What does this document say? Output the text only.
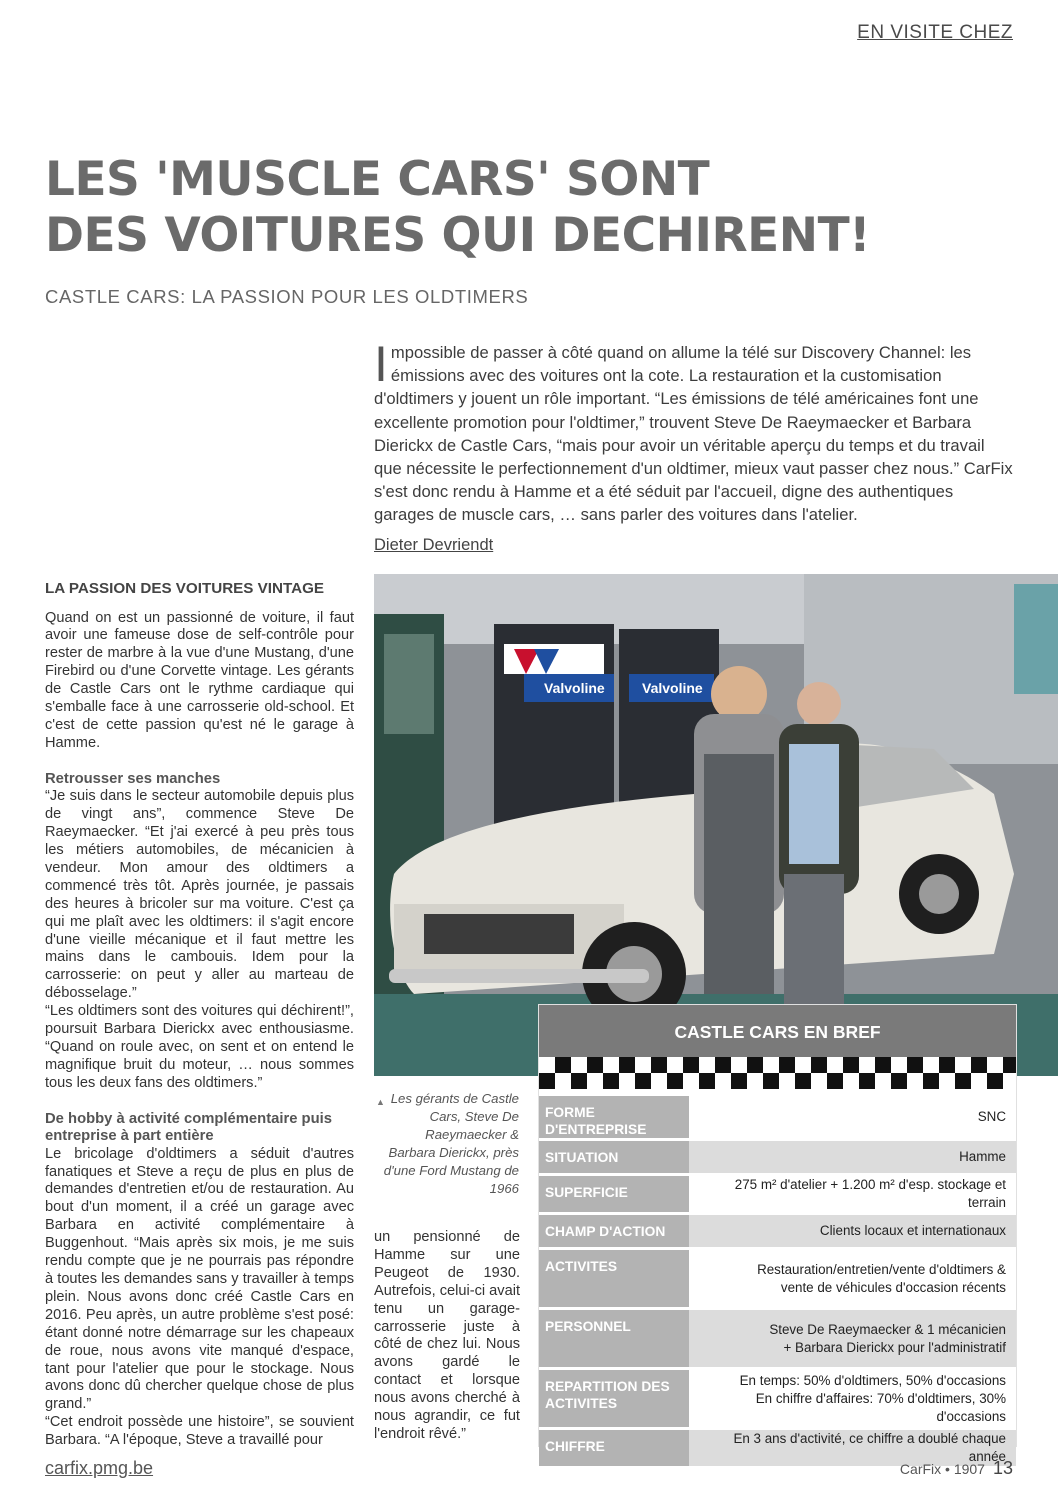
EN VISITE CHEZ
LES 'MUSCLE CARS' SONT
DES VOITURES QUI DECHIRENT!
CASTLE CARS: LA PASSION POUR LES OLDTIMERS
Impossible de passer à côté quand on allume la télé sur Discovery Channel: les émissions avec des voitures ont la cote. La restauration et la customisation d'oldtimers y jouent un rôle important. “Les émissions de télé américaines font une excellente promotion pour l'oldtimer,” trouvent Steve De Raeymaecker et Barbara Dierickx de Castle Cars, “mais pour avoir un véritable aperçu du temps et du travail que nécessite le perfectionnement d'un oldtimer, mieux vaut passer chez nous.” CarFix s'est donc rendu à Hamme et a été séduit par l'accueil, digne des authentiques garages de muscle cars, … sans parler des voitures dans l'atelier.
Dieter Devriendt
LA PASSION DES VOITURES VINTAGE

Quand on est un passionné de voiture, il faut avoir une fameuse dose de self-contrôle pour rester de marbre à la vue d'une Mustang, d'une Firebird ou d'une Corvette vintage. Les gérants de Castle Cars ont le rythme cardiaque qui s'emballe face à une carrosserie old-school. Et c'est de cette passion qu'est né le garage à Hamme.

Retrousser ses manches

“Je suis dans le secteur automobile depuis plus de vingt ans”, commence Steve De Raeymaecker. “Et j'ai exercé à peu près tous les métiers automobiles, de mécanicien à vendeur. Mon amour des oldtimers a commencé très tôt. Après journée, je passais des heures à bricoler sur ma voiture. C'est ça qui me plaît avec les oldtimers: il s'agit encore d'une vieille mécanique et il faut mettre les mains dans le cambouis. Idem pour la carrosserie: on peut y aller au marteau de débosselage.”

“Les oldtimers sont des voitures qui déchirent!”, poursuit Barbara Dierickx avec enthousiasme. “Quand on roule avec, on sent et on entend le magnifique bruit du moteur, … nous sommes tous les deux fans des oldtimers.”

De hobby à activité complémentaire puis entreprise à part entière

Le bricolage d'oldtimers a séduit d'autres fanatiques et Steve a reçu de plus en plus de demandes d'entretien et/ou de restauration. Au bout d'un moment, il a créé un garage avec Barbara en activité complémentaire à Buggenhout. “Mais après six mois, je me suis rendu compte que je ne pourrais pas répondre à toutes les demandes sans y travailler à temps plein. Nous avons donc créé Castle Cars en 2016. Peu après, un autre problème s'est posé: étant donné notre démarrage sur les chapeaux de roue, nous avons vite manqué d'espace, tant pour l'atelier que pour le stockage. Nous avons donc dû chercher quelque chose de plus grand.”

“Cet endroit possède une histoire”, se souvient Barbara. “A l'époque, Steve a travaillé pour

un pensionné de Hamme sur une Peugeot de 1930. Autrefois, celui-ci avait tenu un garage-carrosserie juste à côté de chez lui. Nous avons gardé le contact et lorsque nous avons cherché à nous agrandir, ce fut l'endroit rêvé.”

Valvoline	Valvoline
▲ Les gérants de Castle Cars, Steve De Raeymaecker & Barbara Dierickx, près d'une Ford Mustang de 1966
CASTLE CARS EN BREF
FORME D'ENTREPRISE	SNC
SITUATION	Hamme
SUPERFICIE	275 m² d'atelier + 1.200 m² d'esp. stockage et terrain
CHAMP D'ACTION	Clients locaux et internationaux
ACTIVITES	Restauration/entretien/vente d'oldtimers &
vente de véhicules d'occasion récents

PERSONNEL	Steve De Raeymaecker & 1 mécanicien
+ Barbara Dierickx pour l'administratif

REPARTITION DES ACTIVITES	En temps: 50% d'oldtimers, 50% d'occasions
En chiffre d'affaires: 70% d'oldtimers, 30% d'occasions

CHIFFRE	En 3 ans d'activité, ce chiffre a doublé chaque année
carfix.pmg.be	CarFix • 1907 13
